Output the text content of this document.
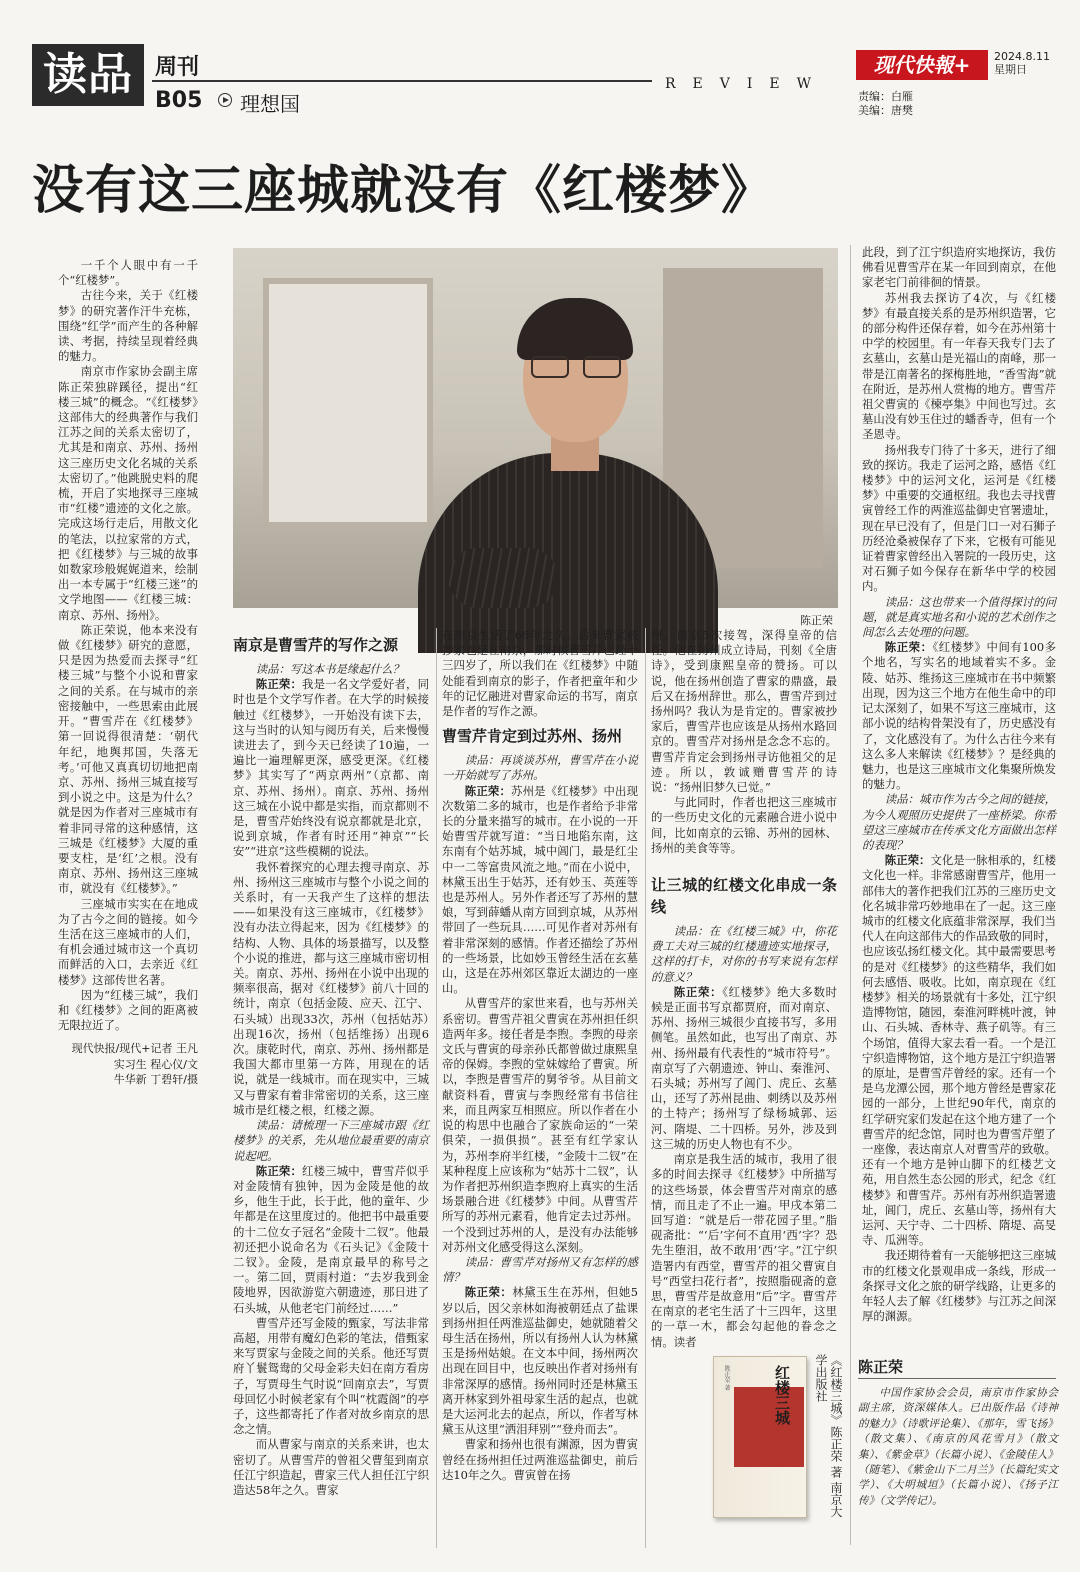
读品	周刊
B05 理想国
REVIEW
现代快報+	2024.8.11
星期日
责编：白雁
美编：唐樊
没有这三座城就没有《红楼梦》
陈正荣

一千个人眼中有一千个“红楼梦”。

古往今来，关于《红楼梦》的研究著作汗牛充栋，围绕“红学”而产生的各种解读、考据，持续呈现着经典的魅力。

南京市作家协会副主席陈正荣独辟蹊径，提出“红楼三城”的概念。“《红楼梦》这部伟大的经典著作与我们江苏之间的关系太密切了，尤其是和南京、苏州、扬州这三座历史文化名城的关系太密切了。”他跳脱史料的爬梳，开启了实地探寻三座城市“红楼”遗迹的文化之旅。完成这场行走后，用散文化的笔法，以拉家常的方式，把《红楼梦》与三城的故事如数家珍般娓娓道来，绘制出一本专属于“红楼三迷”的文学地图——《红楼三城：南京、苏州、扬州》。

陈正荣说，他本来没有做《红楼梦》研究的意愿，只是因为热爱而去探寻“红楼三城”与整个小说和曹家之间的关系。在与城市的亲密接触中，一些思索由此展开。“曹雪芹在《红楼梦》第一回说得很清楚：‘朝代年纪，地舆邦国，失落无考。’可他又真真切切地把南京、苏州、扬州三城直接写到小说之中。这是为什么？就是因为作者对三座城市有着非同寻常的这种感情，这三城是《红楼梦》大厦的重要支柱，是‘红’之根。没有南京、苏州、扬州这三座城市，就没有《红楼梦》。”

三座城市实实在在地成为了古今之间的链接。如今生活在这三座城市的人们，有机会通过城市这一个真切而鲜活的入口，去亲近《红楼梦》这部传世名著。

因为“红楼三城”，我们和《红楼梦》之间的距离被无限拉近了。

现代快报/现代+记者 王凡
实习生 程心仪/文
牛华新 丁碧轩/摄

南京是曹雪芹的写作之源

读品：写这本书是缘起什么？

陈正荣：我是一名文学爱好者，同时也是个文学写作者。在大学的时候接触过《红楼梦》，一开始没有读下去，这与当时的认知与阅历有关，后来慢慢读进去了，到今天已经读了10遍，一遍比一遍理解更深，感受更深。《红楼梦》其实写了“两京两州”（京都、南京、苏州、扬州）。南京、苏州、扬州这三城在小说中都是实指，而京都则不是，曹雪芹始终没有说京都就是北京，说到京城，作者有时还用“神京”“长安”“进京”这些模糊的说法。

我怀着探究的心理去搜寻南京、苏州、扬州这三座城市与整个小说之间的关系时，有一天我产生了这样的想法——如果没有这三座城市，《红楼梦》没有办法立得起来，因为《红楼梦》的结构、人物、具体的场景描写，以及整个小说的推进，都与这三座城市密切相关。南京、苏州、扬州在小说中出现的频率很高，据对《红楼梦》前八十回的统计，南京（包括金陵、应天、江宁、石头城）出现33次，苏州（包括姑苏）出现16次，扬州（包括维扬）出现6次。康乾时代，南京、苏州、扬州都是我国大都市里第一方阵，用现在的话说，就是一线城市。而在现实中，三城又与曹家有着非常密切的关系，这三座城市是红楼之根，红楼之源。

读品：请梳理一下三座城市跟《红楼梦》的关系，先从地位最重要的南京说起吧。

陈正荣：红楼三城中，曹雪芹似乎对金陵情有独钟，因为金陵是他的故乡，他生于此，长于此，他的童年、少年都是在这里度过的。他把书中最重要的十二位女子冠名“金陵十二钗”。他最初还把小说命名为《石头记》《金陵十二钗》。金陵，是南京最早的称号之一。第二回，贾雨村道：“去岁我到金陵地界，因欲游览六朝遗迹，那日进了石头城，从他老宅门前经过……”

曹雪芹还写金陵的甄家，写法非常高超，用带有魔幻色彩的笔法，借甄家来写贾家与金陵之间的关系。他还写贾府丫鬟鸳鸯的父母金彩夫妇在南方看房子，写贾母生气时说“回南京去”，写贾母回忆小时候老家有个叫“枕霞阁”的亭子，这些都寄托了作者对故乡南京的思念之情。

而从曹家与南京的关系来讲，也太密切了。从曹雪芹的曾祖父曹玺到南京任江宁织造起，曹家三代人担任江宁织造达58年之久。曹家

在南京生活了66年之久。后来曹家被抄家也是在南京，那时候曹雪芹已经十三四岁了，所以我们在《红楼梦》中随处能看到南京的影子，作者把童年和少年的记忆融进对曹家命运的书写，南京是作者的写作之源。

曹雪芹肯定到过苏州、扬州

读品：再谈谈苏州，曹雪芹在小说一开始就写了苏州。

陈正荣：苏州是《红楼梦》中出现次数第二多的城市，也是作者给予非常长的分量来描写的城市。在小说的一开始曹雪芹就写道：“当日地陷东南，这东南有个姑苏城，城中阊门，最是红尘中一二等富贵风流之地。”而在小说中，林黛玉出生于姑苏，还有妙玉、英莲等也是苏州人。另外作者还写了苏州的慧娘，写到薛蟠从南方回到京城，从苏州带回了一些玩具……可见作者对苏州有着非常深刻的感情。作者还描绘了苏州的一些场景，比如妙玉曾经生活在玄墓山，这是在苏州郊区靠近太湖边的一座山。

从曹雪芹的家世来看，也与苏州关系密切。曹雪芹祖父曹寅在苏州担任织造两年多。接任者是李煦。李煦的母亲文氏与曹寅的母亲孙氏都曾做过康熙皇帝的保姆。李煦的堂妹嫁给了曹寅。所以，李煦是曹雪芹的舅爷爷。从目前文献资料看，曹寅与李煦经常有书信往来，而且两家互相照应。所以作者在小说的构思中也融合了家族命运的“一荣俱荣，一损俱损”。甚至有红学家认为，苏州李府半红楼，“金陵十二钗”在某种程度上应该称为“姑苏十二钗”，认为作者把苏州织造李煦府上真实的生活场景融合进《红楼梦》中间。从曹雪芹所写的苏州元素看，他肯定去过苏州。一个没到过苏州的人，是没有办法能够对苏州文化感受得这么深刻。

读品：曹雪芹对扬州又有怎样的感情？

陈正荣：林黛玉生在苏州，但她5岁以后，因父亲林如海被朝廷点了盐课到扬州担任两淮巡盐御史，她就随着父母生活在扬州，所以有扬州人认为林黛玉是扬州姑娘。在文本中间，扬州两次出现在回目中，也反映出作者对扬州有非常深厚的感情。扬州同时还是林黛玉离开林家到外祖母家生活的起点，也就是大运河北去的起点，所以，作者写林黛玉从这里“洒泪拜别”“登舟而去”。

曹家和扬州也很有渊源，因为曹寅曾经在扬州担任过两淮巡盐御史，前后达10年之久。曹寅曾在扬

州、南京5次接驾，深得皇帝的信任。他在扬州成立诗局，刊刻《全唐诗》，受到康熙皇帝的赞扬。可以说，他在扬州创造了曹家的鼎盛，最后又在扬州辞世。那么，曹雪芹到过扬州吗？我认为是肯定的。曹家被抄家后，曹雪芹也应该是从扬州水路回京的。曹雪芹对扬州是念念不忘的。曹雪芹肯定会到扬州寻访他祖父的足迹。所以，敦诚赠曹雪芹的诗说：“扬州旧梦久已觉。”

与此同时，作者也把这三座城市的一些历史文化的元素融合进小说中间，比如南京的云锦、苏州的园林、扬州的美食等等。

让三城的红楼文化串成一条线

读品：在《红楼三城》中，你花费工夫对三城的红楼遗迹实地探寻，这样的打卡，对你的书写来说有怎样的意义？

陈正荣：《红楼梦》绝大多数时候是正面书写京都贾府，而对南京、苏州、扬州三城很少直接书写，多用侧笔。虽然如此，也写出了南京、苏州、扬州最有代表性的“城市符号”。南京写了六朝遗迹、钟山、秦淮河、石头城；苏州写了阊门、虎丘、玄墓山，还写了苏州昆曲、刺绣以及苏州的土特产；扬州写了绿杨城郭、运河、隋堤、二十四桥。另外，涉及到这三城的历史人物也有不少。

南京是我生活的城市，我用了很多的时间去探寻《红楼梦》中所描写的这些场景，体会曹雪芹对南京的感情，而且走了不止一遍。甲戌本第二回写道：“就是后一带花园子里。”脂砚斋批：“‘后’字何不直用‘西’字？恐先生堕泪，故不敢用‘西’字。”江宁织造署内有西堂，曹雪芹的祖父曹寅自号“西堂扫花行者”，按照脂砚斋的意思，曹雪芹是故意用“后”字。曹雪芹在南京的老宅生活了十三四年，这里的一草一木，都会勾起他的眷念之情。读者

此段，到了江宁织造府实地探访，我仿佛看见曹雪芹在某一年回到南京，在他家老宅门前徘徊的情景。

苏州我去探访了4次，与《红楼梦》有最直接关系的是苏州织造署，它的部分构件还保存着，如今在苏州第十中学的校园里。有一年春天我专门去了玄墓山，玄墓山是光福山的南峰，那一带是江南著名的探梅胜地，“香雪海”就在附近，是苏州人赏梅的地方。曹雪芹祖父曹寅的《楝亭集》中间也写过。玄墓山没有妙玉住过的蟠香寺，但有一个圣恩寺。

扬州我专门待了十多天，进行了细致的探访。我走了运河之路，感悟《红楼梦》中的运河文化，运河是《红楼梦》中重要的交通枢纽。我也去寻找曹寅曾经工作的两淮巡盐御史官署遗址，现在早已没有了，但是门口一对石狮子历经沧桑被保存了下来，它极有可能见证着曹家曾经出入署院的一段历史，这对石狮子如今保存在新华中学的校园内。

读品：这也带来一个值得探讨的问题，就是真实地名和小说的艺术创作之间怎么去处理的问题。

陈正荣：《红楼梦》中间有100多个地名，写实名的地域着实不多。金陵、姑苏、维扬这三座城市在书中频繁出现，因为这三个地方在他生命中的印记太深刻了，如果不写这三座城市，这部小说的结构骨架没有了，历史感没有了，文化感没有了。为什么古往今来有这么多人来解读《红楼梦》？是经典的魅力，也是这三座城市文化集聚所焕发的魅力。

读品：城市作为古今之间的链接，为今人观照历史提供了一座桥梁。你希望这三座城市在传承文化方面做出怎样的表现？

陈正荣：文化是一脉相承的，红楼文化也一样。非常感谢曹雪芹，他用一部伟大的著作把我们江苏的三座历史文化名城非常巧妙地串在了一起。这三座城市的红楼文化底蕴非常深厚，我们当代人在向这部伟大的作品致敬的同时，也应该弘扬红楼文化。其中最需要思考的是对《红楼梦》的这些精华，我们如何去感悟、吸收。比如，南京现在《红楼梦》相关的场景就有十多处，江宁织造博物馆，随园，秦淮河畔桃叶渡，钟山、石头城、香林寺、燕子矶等。有三个场馆，值得大家去看一看。一个是江宁织造博物馆，这个地方是江宁织造署的原址，是曹雪芹曾经的家。还有一个是乌龙潭公园，那个地方曾经是曹家花园的一部分，上世纪90年代，南京的红学研究家们发起在这个地方建了一个曹雪芹的纪念馆，同时也为曹雪芹塑了一座像，表达南京人对曹雪芹的致敬。还有一个地方是钟山脚下的红楼艺文苑，用自然生态公园的形式，纪念《红楼梦》和曹雪芹。苏州有苏州织造署遗址，阊门，虎丘、玄墓山等，扬州有大运河、天宁寺、二十四桥、隋堤、高旻寺、瓜洲等。

我还期待着有一天能够把这三座城市的红楼文化景观串成一条线，形成一条探寻文化之旅的研学线路，让更多的年轻人去了解《红楼梦》与江苏之间深厚的渊源。

红楼三城
陈正荣 著	《红楼三城》陈正荣 著 南京大学出版社	陈正荣
中国作家协会会员，南京市作家协会副主席，资深媒体人。已出版作品《诗神的魅力》（诗歌评论集）、《那年，雪飞扬》（散文集）、《南京的风花雪月》（散文集）、《紫金草》（长篇小说）、《金陵佳人》（随笔）、《紫金山下二月兰》（长篇纪实文学）、《大明城垣》（长篇小说）、《扬子江传》（文学传记）。
